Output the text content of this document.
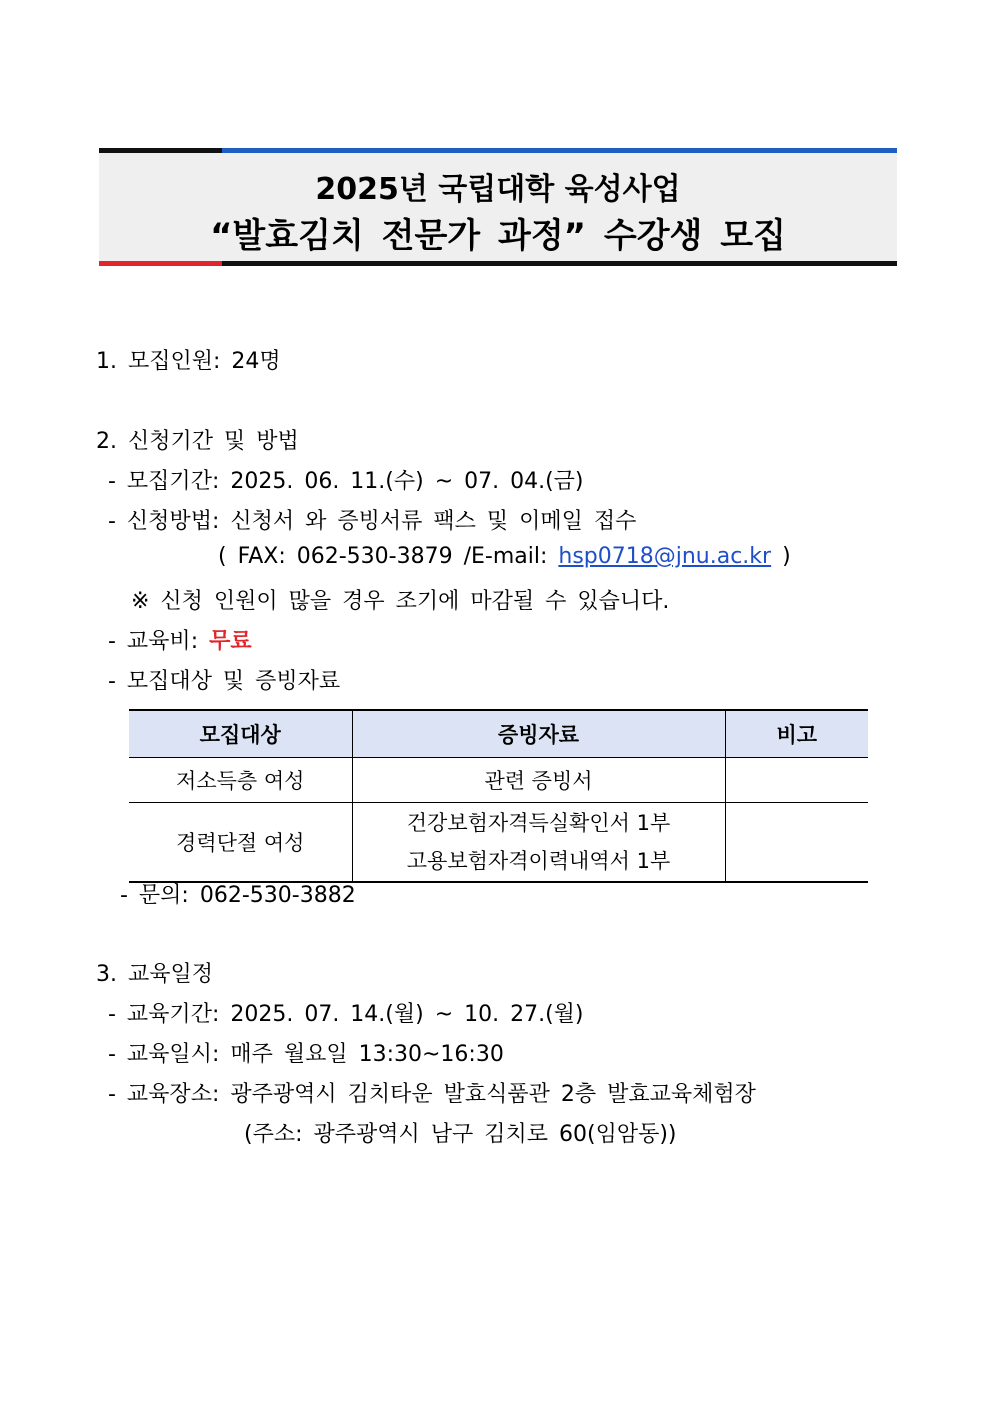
2025년 국립대학 육성사업
“발효김치 전문가 과정” 수강생 모집
1. 모집인원: 24명
2. 신청기간 및 방법
- 모집기간: 2025. 06. 11.(수) ~ 07. 04.(금)
- 신청방법: 신청서 와 증빙서류 팩스 및 이메일 접수
( FAX: 062-530-3879 /E-mail: hsp0718@jnu.ac.kr )
※ 신청 인원이 많을 경우 조기에 마감될 수 있습니다.
- 교육비: 무료
- 모집대상 및 증빙자료
모집대상	증빙자료	비고
저소득층 여성	관련 증빙서	
경력단절 여성	건강보험자격득실확인서 1부
고용보험자격이력내역서 1부	

- 문의: 062-530-3882
3. 교육일정
- 교육기간: 2025. 07. 14.(월) ~ 10. 27.(월)
- 교육일시: 매주 월요일 13:30~16:30
- 교육장소: 광주광역시 김치타운 발효식품관 2층 발효교육체험장
(주소: 광주광역시 남구 김치로 60(임암동))
